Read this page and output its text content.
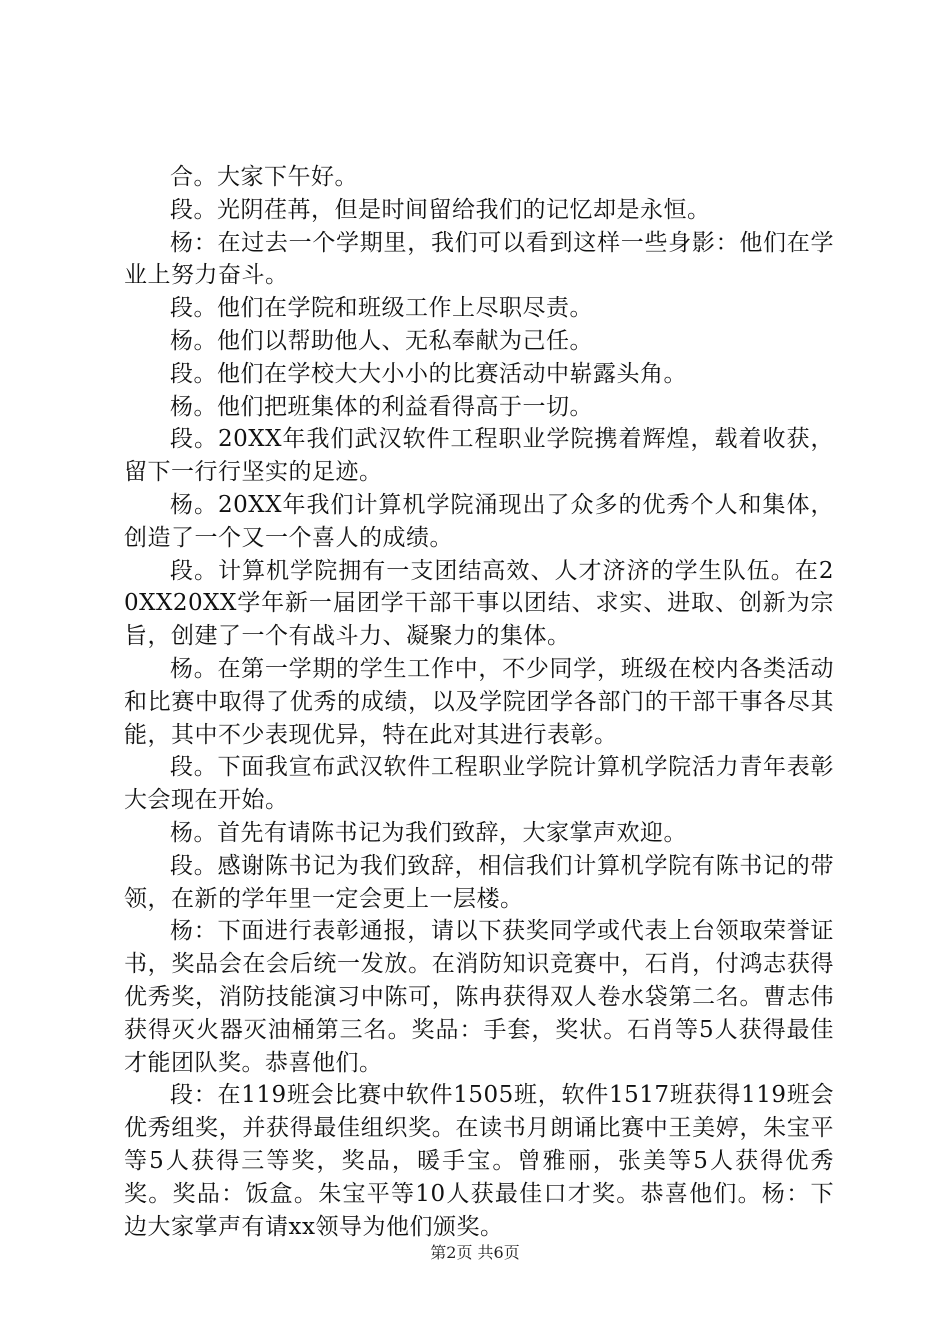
合。大家下午好。

段。光阴荏苒，但是时间留给我们的记忆却是永恒。

杨：在过去一个学期里，我们可以看到这样一些身影：他们在学业上努力奋斗。

段。他们在学院和班级工作上尽职尽责。

杨。他们以帮助他人、无私奉献为己任。

段。他们在学校大大小小的比赛活动中崭露头角。

杨。他们把班集体的利益看得高于一切。

段。20XX年我们武汉软件工程职业学院携着辉煌，载着收获，留下一行行坚实的足迹。

杨。20XX年我们计算机学院涌现出了众多的优秀个人和集体，创造了一个又一个喜人的成绩。

段。计算机学院拥有一支团结高效、人才济济的学生队伍。在20XX20XX学年新一届团学干部干事以团结、求实、进取、创新为宗旨，创建了一个有战斗力、凝聚力的集体。

杨。在第一学期的学生工作中，不少同学，班级在校内各类活动和比赛中取得了优秀的成绩，以及学院团学各部门的干部干事各尽其能，其中不少表现优异，特在此对其进行表彰。

段。下面我宣布武汉软件工程职业学院计算机学院活力青年表彰大会现在开始。

杨。首先有请陈书记为我们致辞，大家掌声欢迎。

段。感谢陈书记为我们致辞，相信我们计算机学院有陈书记的带领，在新的学年里一定会更上一层楼。

杨：下面进行表彰通报，请以下获奖同学或代表上台领取荣誉证书，奖品会在会后统一发放。在消防知识竞赛中，石肖，付鸿志获得优秀奖，消防技能演习中陈可，陈冉获得双人卷水袋第二名。曹志伟获得灭火器灭油桶第三名。奖品：手套，奖状。石肖等5人获得最佳才能团队奖。恭喜他们。

段：在119班会比赛中软件1505班，软件1517班获得119班会优秀组奖，并获得最佳组织奖。在读书月朗诵比赛中王美婷，朱宝平等5人获得三等奖，奖品，暖手宝。曾雅丽，张美等5人获得优秀奖。奖品：饭盒。朱宝平等10人获最佳口才奖。恭喜他们。杨：下边大家掌声有请xx领导为他们颁奖。

第2页 共6页
